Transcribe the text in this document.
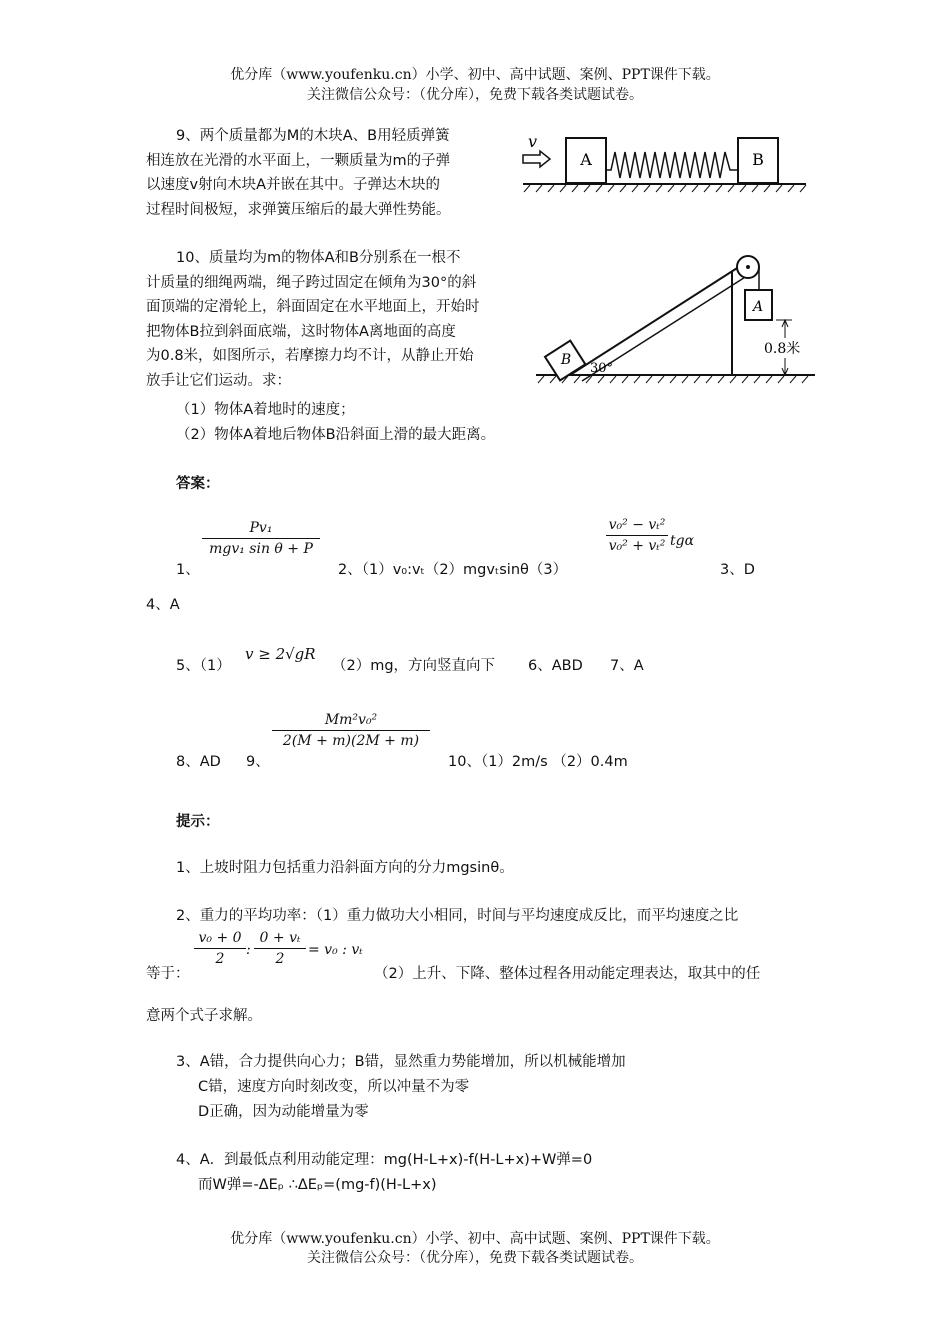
优分库（www.youfenku.cn）小学、初中、高中试题、案例、PPT课件下载。
关注微信公众号：（优分库），免费下载各类试题试卷。
9、两个质量都为M的木块A、B用轻质弹簧
相连放在光滑的水平面上，一颗质量为m的子弹
以速度v射向木块A并嵌在其中。子弹达木块的
过程时间极短，求弹簧压缩后的最大弹性势能。
v
A	B
10、质量均为m的物体A和B分别系在一根不
计质量的细绳两端，绳子跨过固定在倾角为30°的斜
面顶端的定滑轮上，斜面固定在水平地面上，开始时
把物体B拉到斜面底端，这时物体A离地面的高度
为0.8米，如图所示，若摩擦力均不计，从静止开始
放手让它们运动。求：
（1）物体A着地时的速度；
（2）物体A着地后物体B沿斜面上滑的最大距离。
A
0.8米
B
30°
答案：
1、
Pv₁
mgv₁ sin θ + P
2、（1）v₀:vₜ（2）mgvₜsinθ（3）
v₀² − vₜ²
v₀² + vₜ² tgα
3、D
4、A
5、（1）
v ≥ 2√gR
（2）mg，方向竖直向下 6、ABD 7、A
8、AD 9、
Mm²v₀²
2(M + m)(2M + m)
10、（1）2m/s （2）0.4m
提示：
1、上坡时阻力包括重力沿斜面方向的分力mgsinθ。
2、重力的平均功率：（1）重力做功大小相同，时间与平均速度成反比，而平均速度之比
等于：
v₀ + 0
2
:
0 + vₜ
2
= v₀ : vₜ
（2）上升、下降、整体过程各用动能定理表达，取其中的任
意两个式子求解。
3、A错，合力提供向心力；B错，显然重力势能增加，所以机械能增加
C错，速度方向时刻改变，所以冲量不为零
D正确，因为动能增量为零
4、A．到最低点利用动能定理：mg(H-L+x)-f(H-L+x)+W弹=0
而W弹=-ΔEₚ ∴ΔEₚ=(mg-f)(H-L+x)
优分库（www.youfenku.cn）小学、初中、高中试题、案例、PPT课件下载。
关注微信公众号：（优分库），免费下载各类试题试卷。
